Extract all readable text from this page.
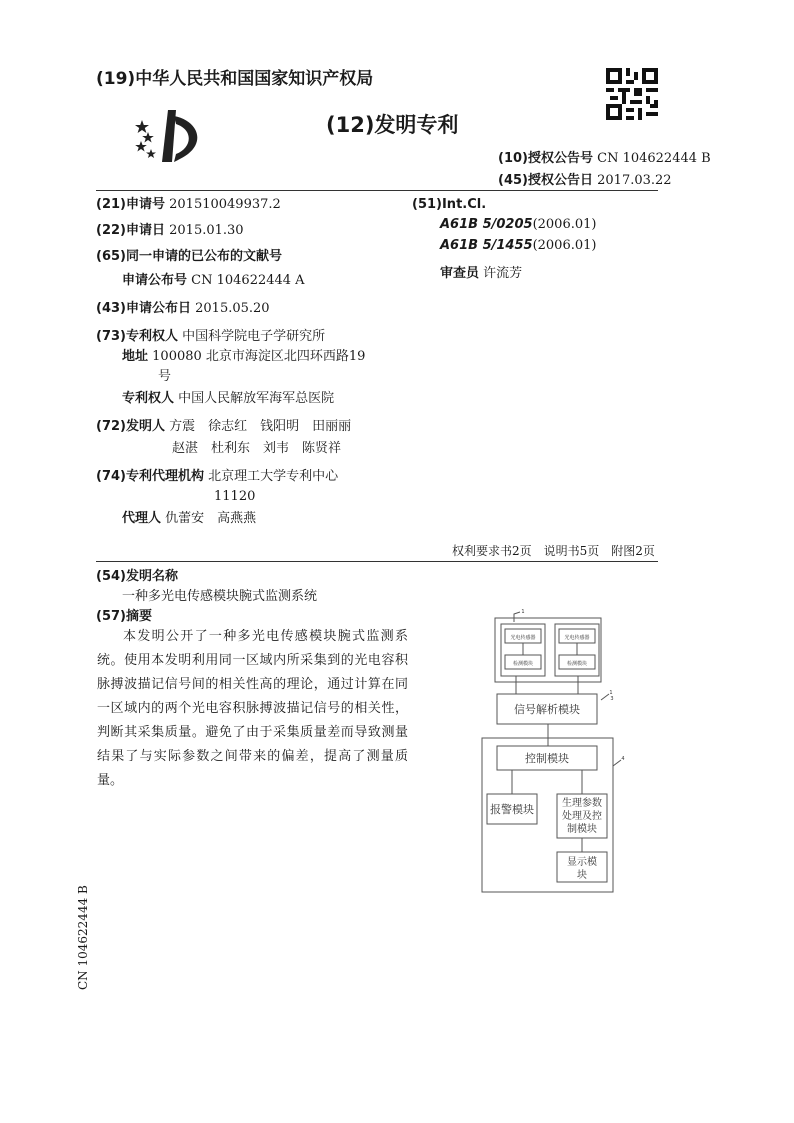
(19)中华人民共和国国家知识产权局
(12)发明专利
(10)授权公告号 CN 104622444 B
(45)授权公告日 2017.03.22
(21)申请号 201510049937.2
(22)申请日 2015.01.30
(65)同一申请的已公布的文献号
申请公布号 CN 104622444 A
(43)申请公布日 2015.05.20
(73)专利权人 中国科学院电子学研究所
地址 100080 北京市海淀区北四环西路19
号
专利权人 中国人民解放军海军总医院
(72)发明人 方震　徐志红　钱阳明　田丽丽
赵湛　杜利东　刘韦　陈贤祥
(74)专利代理机构 北京理工大学专利中心
11120
代理人 仇蕾安　高燕燕
(51)Int.Cl.
A61B 5/0205(2006.01)
A61B 5/1455(2006.01)
审查员 许流芳
权利要求书2页　说明书5页　附图2页
(54)发明名称
一种多光电传感模块腕式监测系统
(57)摘要
本发明公开了一种多光电传感模块腕式监测系统。使用本发明利用同一区域内所采集到的光电容积脉搏波描记信号间的相关性高的理论，通过计算在同一区域内的两个光电容积脉搏波描记信号的相关性，判断其采集质量。避免了由于采集质量差而导致测量结果了与实际参数之间带来的偏差，提高了测量质量。
光电传感器
检测模块
光电传感器
检测模块
信号解析模块
控制模块
报警模块	生理参数
处理及控
制模块
显示模
块
1
1
3
4
CN 104622444 B
